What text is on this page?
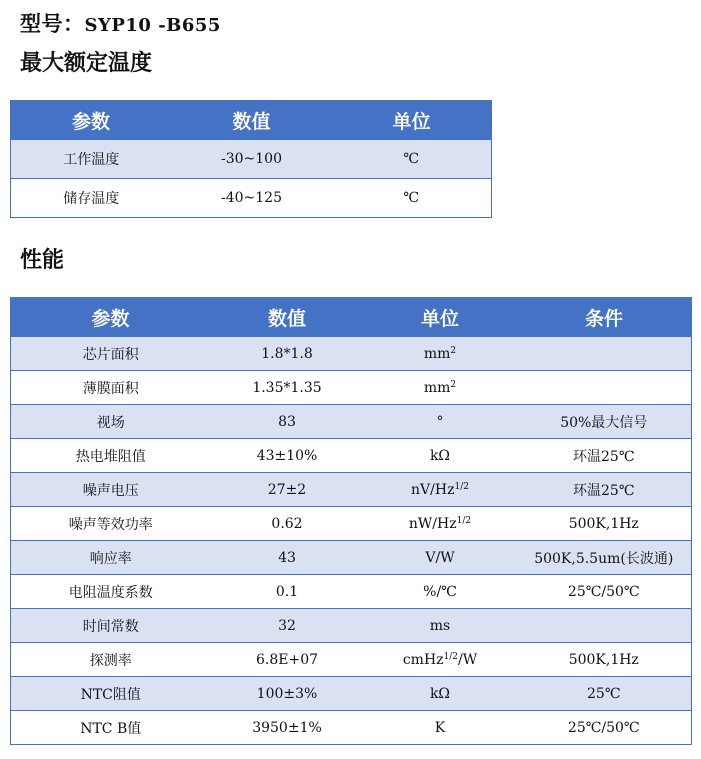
型号：SYP10 -B655
最大额定温度
参数	数值	单位
工作温度	-30~100	℃
储存温度	-40~125	℃
性能
参数	数值	单位	条件
芯片面积	1.8*1.8	$mm^2$	
薄膜面积	1.35*1.35	$mm^2$	
视场	83	°	50%最大信号
热电堆阻值	43±10%	kΩ	环温25℃
噪声电压	27±2	$nV/Hz^{1/2}$	环温25℃
噪声等效功率	0.62	$nW/Hz^{1/2}$	500K,1Hz
响应率	43	V/W	500K,5.5um(长波通)
电阻温度系数	0.1	%/℃	25℃/50℃
时间常数	32	ms	
探测率	6.8E+07	cmHz$^{1/2}$/W	500K,1Hz
NTC阻值	100±3%	kΩ	25℃
NTC B值	3950±1%	K	25℃/50℃
